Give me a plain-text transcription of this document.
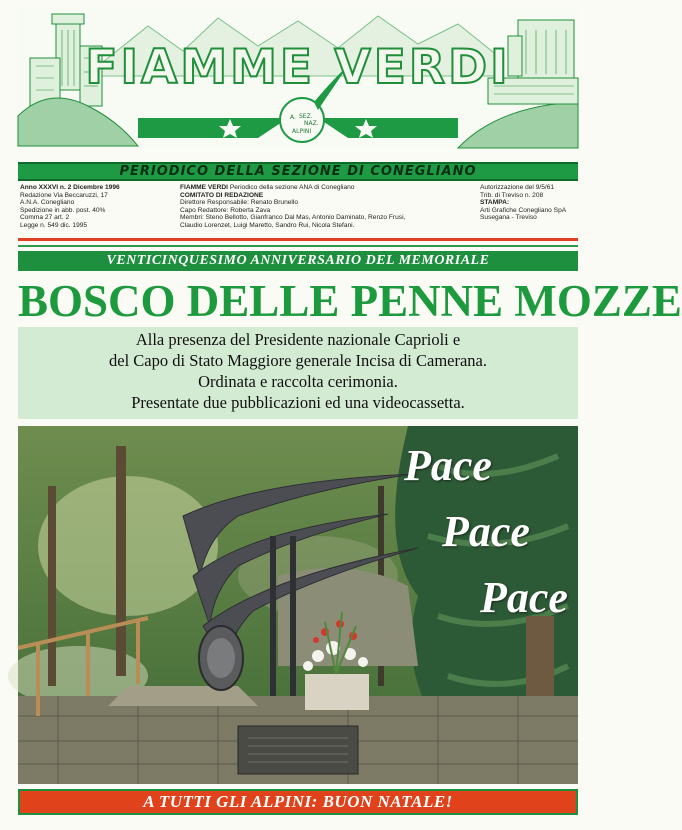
A. SEZ.
NAZ.
ALPINI
FIAMME VERDI
PERIODICO DELLA SEZIONE DI CONEGLIANO
Anno XXXVI n. 2 Dicembre 1996
Redazione Via Beccaruzzi, 17
A.N.A. Conegliano
Spedizione in abb. post. 40%
Comma 27 art. 2
Legge n. 549 dic. 1995
FIAMME VERDI Periodico della sezione ANA di Conegliano
COMITATO DI REDAZIONE
Direttore Responsabile: Renato Brunello
Capo Redattore: Roberta Zava
Membri: Steno Bellotto, Gianfranco Dal Mas, Antonio Daminato, Renzo Frusi,
Claudio Lorenzet, Luigi Maretto, Sandro Rui, Nicola Stefani.
Autorizzazione del 9/5/61
Trib. di Treviso n. 208
STAMPA:
Arti Grafiche Conegliano SpA
Susegana - Treviso
VENTICINQUESIMO ANNIVERSARIO DEL MEMORIALE
BOSCO DELLE PENNE MOZZE
Alla presenza del Presidente nazionale Caprioli e
del Capo di Stato Maggiore generale Incisa di Camerana.
Ordinata e raccolta cerimonia.
Presentate due pubblicazioni ed una videocassetta.
Pace
Pace
Pace
A TUTTI GLI ALPINI: BUON NATALE!
